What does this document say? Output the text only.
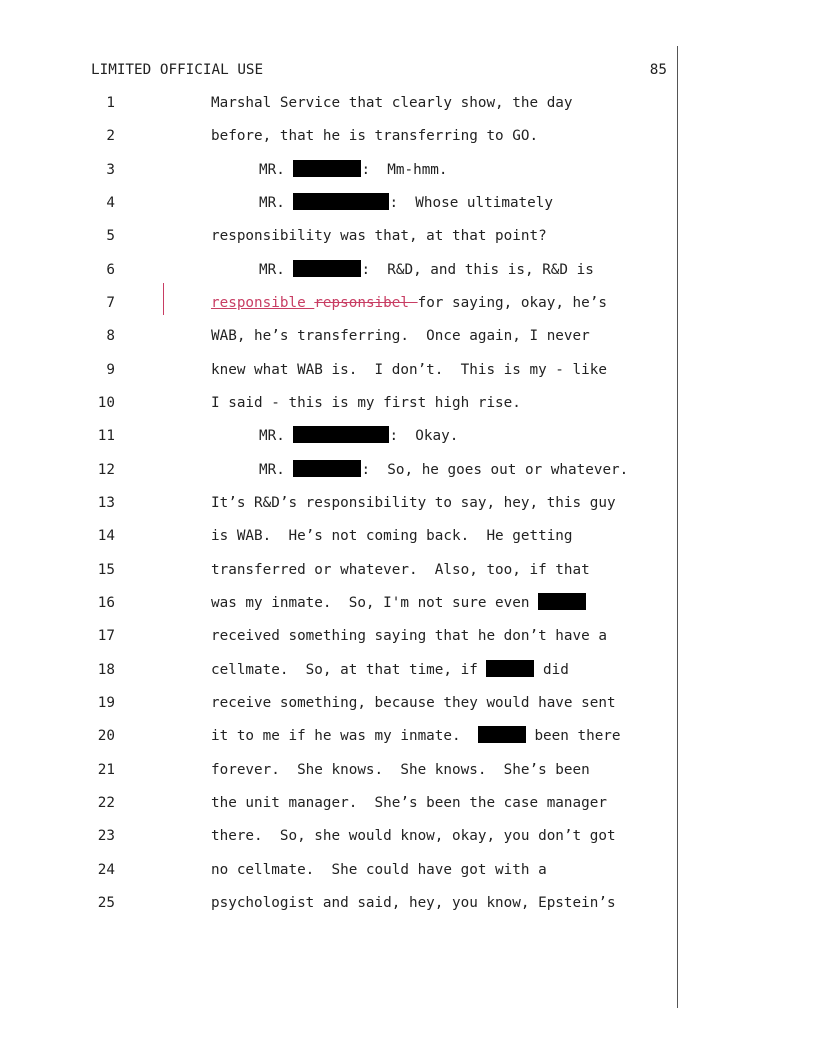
LIMITED OFFICIAL USE	85
1	Marshal Service that clearly show, the day
2	before, that he is transferring to GO.
3	MR.	:  Mm-hmm.
4	MR.	:  Whose ultimately
5	responsibility was that, at that point?
6	MR.	:  R&D, and this is, R&D is
7	responsible repsonsibel for saying, okay, he’s
8	WAB, he’s transferring.  Once again, I never
9	knew what WAB is.  I don’t.  This is my - like
10	I said - this is my first high rise.
11	MR.	:  Okay.
12	MR.	:  So, he goes out or whatever.
13	It’s R&D’s responsibility to say, hey, this guy
14	is WAB.  He’s not coming back.  He getting
15	transferred or whatever.  Also, too, if that
16	was my inmate.  So, I'm not sure even
17	received something saying that he don’t have a
18	cellmate.  So, at that time, if	did
19	receive something, because they would have sent
20	it to me if he was my inmate.	been there
21	forever.  She knows.  She knows.  She’s been
22	the unit manager.  She’s been the case manager
23	there.  So, she would know, okay, you don’t got
24	no cellmate.  She could have got with a
25	psychologist and said, hey, you know, Epstein’s
